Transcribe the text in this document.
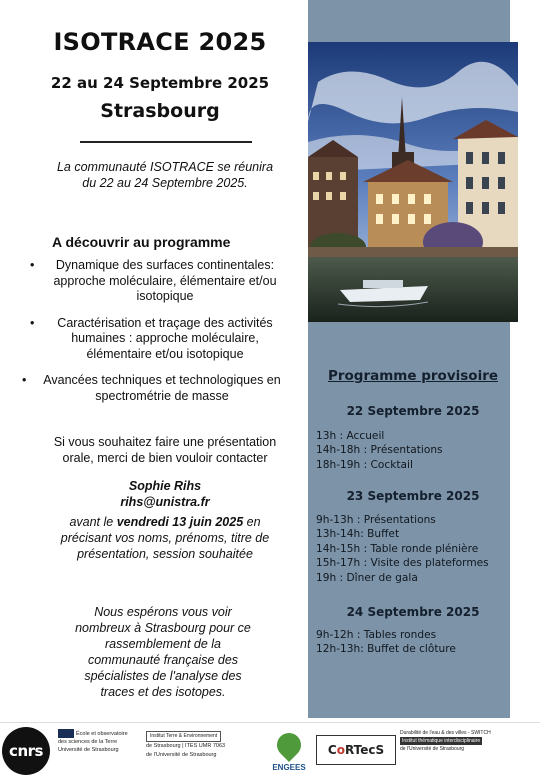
Programme provisoire
22 Septembre 2025
13h : Accueil
14h-18h : Présentations
18h-19h : Cocktail
23 Septembre 2025
9h-13h : Présentations
13h-14h: Buffet
14h-15h : Table ronde plénière
15h-17h : Visite des plateformes
19h : Dîner de gala
24 Septembre 2025
9h-12h : Tables rondes
12h-13h: Buffet de clôture
ISOTRACE 2025
22 au 24 Septembre 2025
Strasbourg
La communauté ISOTRACE se réunira
du 22 au 24 Septembre 2025.
A découvrir au programme
•	Dynamique des surfaces continentales:
approche moléculaire, élémentaire et/ou
isotopique
•	Caractérisation et traçage des activités
humaines : approche moléculaire,
élémentaire et/ou isotopique
•	Avancées techniques et technologiques en
spectrométrie de masse
Si vous souhaitez faire une présentation
orale, merci de bien vouloir contacter
Sophie Rihs
rihs@unistra.fr
avant le vendredi 13 juin 2025 en
précisant vos noms, prénoms, titre de
présentation, session souhaitée
Nous espérons vous voir
nombreux à Strasbourg pour ce
rassemblement de la
communauté française des
spécialistes de l'analyse des
traces et des isotopes.
cnrs
École et observatoire
des sciences de la Terre
Université de Strasbourg
Institut Terre & Environnement
de Strasbourg | ITES UMR 7063
de l'Université de Strasbourg
ENGEES
C o RTecS
Durabilité de l'eau & des villes - SWITCH
Institut thématique interdisciplinaire
de l'Université de Strasbourg
